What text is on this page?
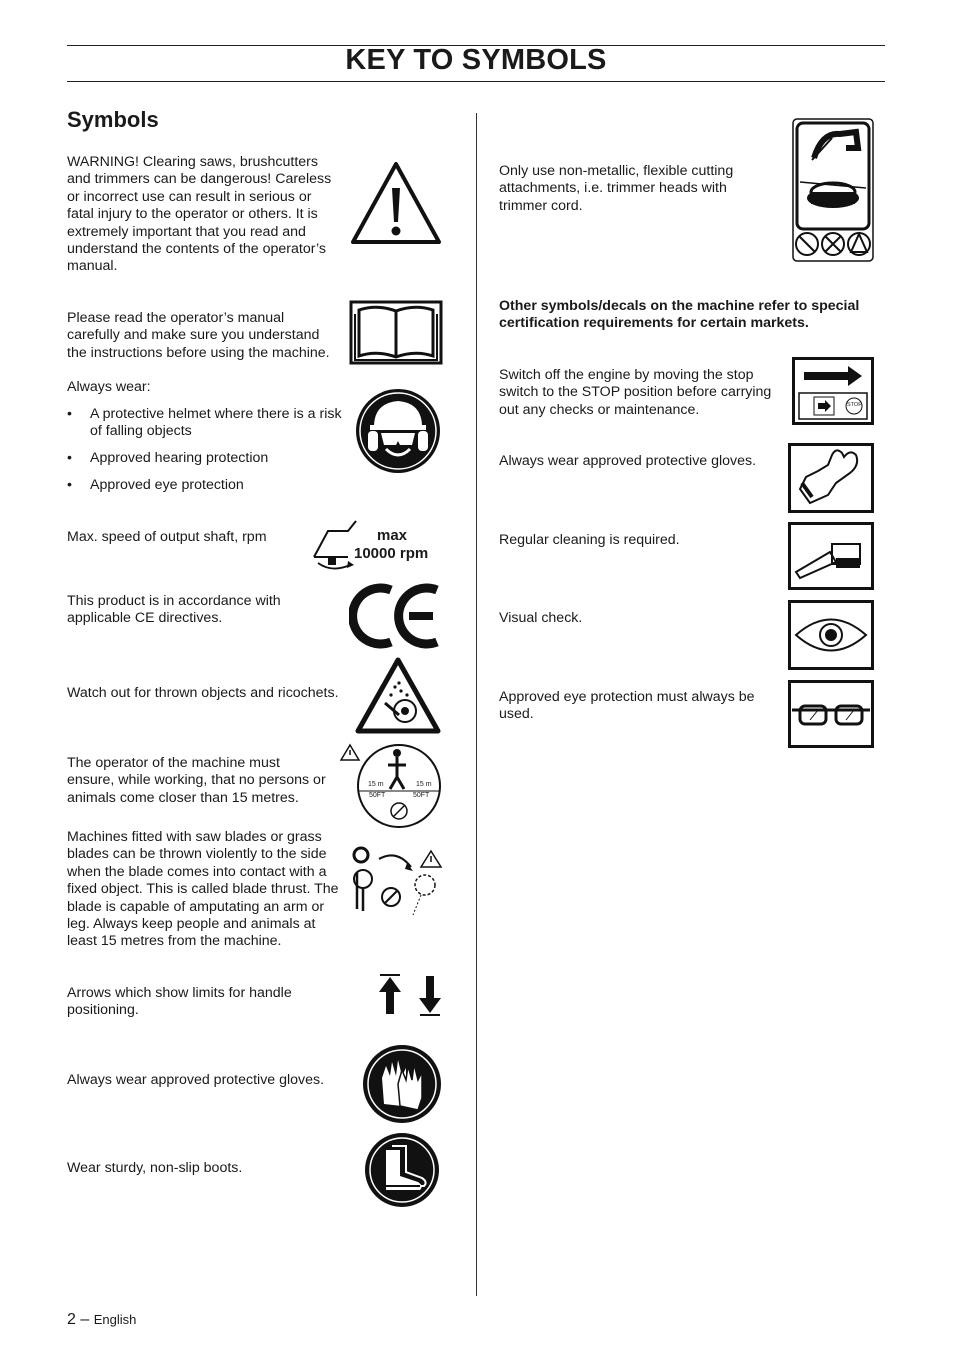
KEY TO SYMBOLS
Symbols
WARNING! Clearing saws, brushcutters
and trimmers can be dangerous! Careless
or incorrect use can result in serious or
fatal injury to the operator or others. It is
extremely important that you read and
understand the contents of the operator’s
manual.
Please read the operator’s manual
carefully and make sure you understand
the instructions before using the machine.
Always wear:
• A protective helmet where there is a risk
of falling objects
• Approved hearing protection
• Approved eye protection
Max. speed of output shaft, rpm	max
10000 rpm
This product is in accordance with
applicable CE directives.
Watch out for thrown objects and ricochets.
The operator of the machine must
ensure, while working, that no persons or
animals come closer than 15 metres.
15 m
50FT
15 m
50FT
Machines fitted with saw blades or grass
blades can be thrown violently to the side
when the blade comes into contact with a
fixed object. This is called blade thrust. The
blade is capable of amputating an arm or
leg. Always keep people and animals at
least 15 metres from the machine.
Arrows which show limits for handle
positioning.
Always wear approved protective gloves.
Wear sturdy, non-slip boots.
Only use non-metallic, flexible cutting
attachments, i.e. trimmer heads with
trimmer cord.
Other symbols/decals on the machine refer to special
certification requirements for certain markets.
Switch off the engine by moving the stop
switch to the STOP position before carrying
out any checks or maintenance.	STOP
Always wear approved protective gloves.
Regular cleaning is required.
Visual check.
Approved eye protection must always be
used.
2 – English
